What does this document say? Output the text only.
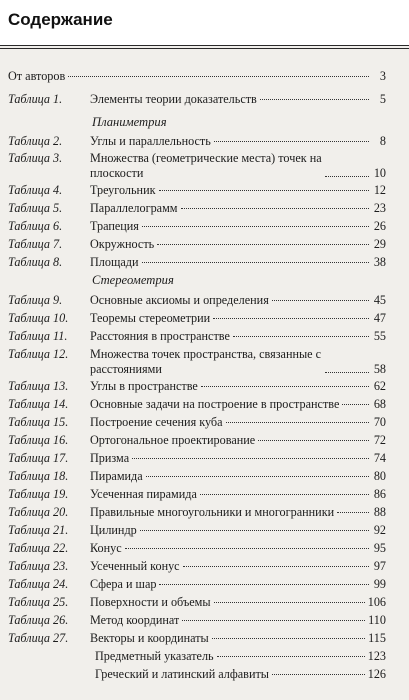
Содержание
Планиметрия
Стереометрия
От авторов	3
Таблица 1.	Элементы теории доказательств	5
Таблица 2.	Углы и параллельность	8
Таблица 3.	Множества (геометрические места) точек на плоскости	10
Таблица 4.	Треугольник	12
Таблица 5.	Параллелограмм	23
Таблица 6.	Трапеция	26
Таблица 7.	Окружность	29
Таблица 8.	Площади	38
Таблица 9.	Основные аксиомы и определения	45
Таблица 10.	Теоремы стереометрии	47
Таблица 11.	Расстояния в пространстве	55
Таблица 12.	Множества точек пространства, связанные с расстояниями	58
Таблица 13.	Углы в пространстве	62
Таблица 14.	Основные задачи на построение в пространстве	68
Таблица 15.	Построение сечения куба	70
Таблица 16.	Ортогональное проектирование	72
Таблица 17.	Призма	74
Таблица 18.	Пирамида	80
Таблица 19.	Усеченная пирамида	86
Таблица 20.	Правильные многоугольники и многогранники	88
Таблица 21.	Цилиндр	92
Таблица 22.	Конус	95
Таблица 23.	Усеченный конус	97
Таблица 24.	Сфера и шар	99
Таблица 25.	Поверхности и объемы	106
Таблица 26.	Метод координат	110
Таблица 27.	Векторы и координаты	115
Предметный указатель	123
Греческий и латинский алфавиты	126
